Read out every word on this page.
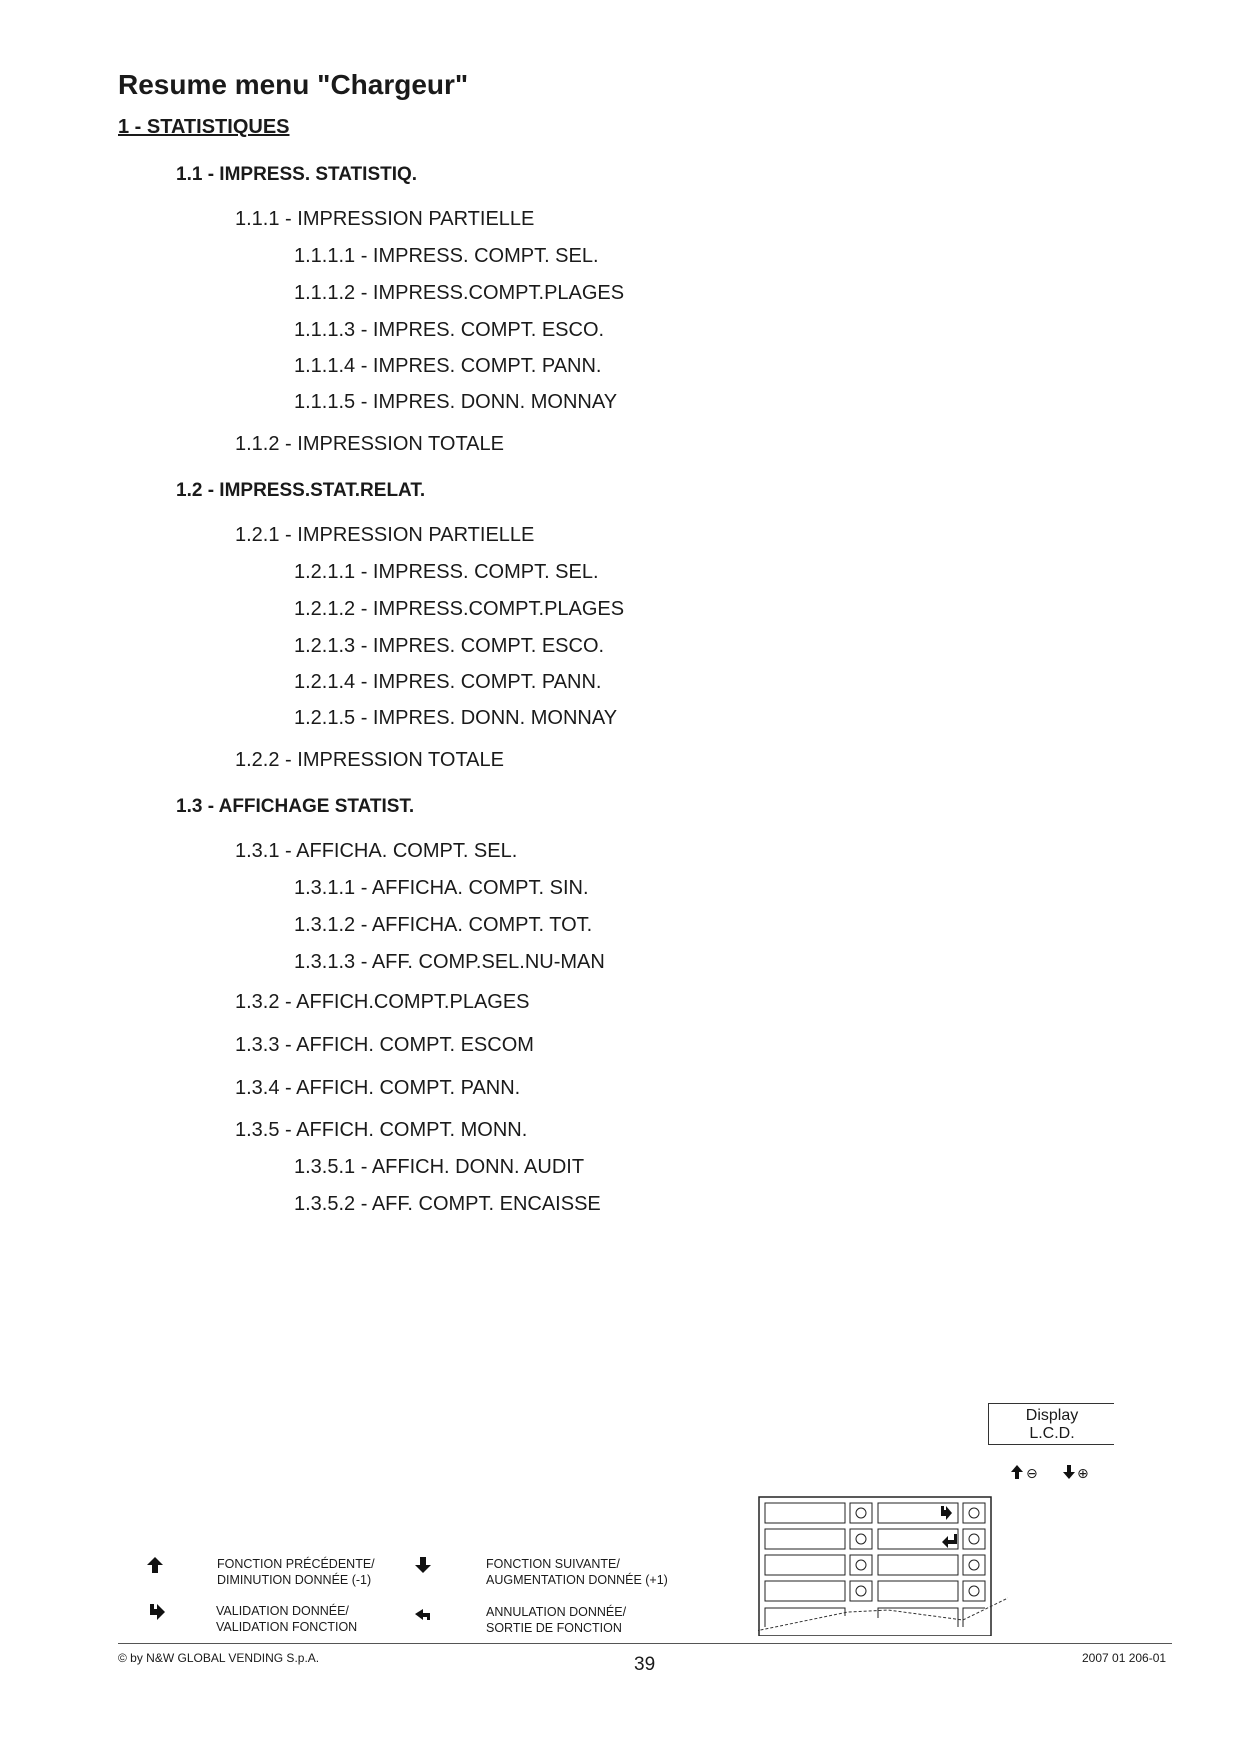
Resume menu "Chargeur"
1 - STATISTIQUES
1.1 - IMPRESS. STATISTIQ.
1.1.1 - IMPRESSION PARTIELLE
1.1.1.1 - IMPRESS. COMPT. SEL.
1.1.1.2 - IMPRESS.COMPT.PLAGES
1.1.1.3 - IMPRES. COMPT. ESCO.
1.1.1.4 - IMPRES. COMPT. PANN.
1.1.1.5 - IMPRES. DONN. MONNAY
1.1.2 - IMPRESSION TOTALE
1.2 - IMPRESS.STAT.RELAT.
1.2.1 - IMPRESSION PARTIELLE
1.2.1.1 - IMPRESS. COMPT. SEL.
1.2.1.2 - IMPRESS.COMPT.PLAGES
1.2.1.3 - IMPRES. COMPT. ESCO.
1.2.1.4 - IMPRES. COMPT. PANN.
1.2.1.5 - IMPRES. DONN. MONNAY
1.2.2 - IMPRESSION TOTALE
1.3 - AFFICHAGE STATIST.
1.3.1 - AFFICHA. COMPT. SEL.
1.3.1.1 - AFFICHA. COMPT. SIN.
1.3.1.2 - AFFICHA. COMPT. TOT.
1.3.1.3 - AFF. COMP.SEL.NU-MAN
1.3.2 - AFFICH.COMPT.PLAGES
1.3.3 - AFFICH. COMPT. ESCOM
1.3.4 - AFFICH. COMPT. PANN.
1.3.5 - AFFICH. COMPT. MONN.
1.3.5.1 - AFFICH. DONN. AUDIT
1.3.5.2 - AFF. COMPT. ENCAISSE
Display
L.C.D.
⊖	⊕
FONCTION PRÉCÉDENTE/
DIMINUTION DONNÉE (-1)
FONCTION SUIVANTE/
AUGMENTATION DONNÉE (+1)
VALIDATION DONNÉE/
VALIDATION FONCTION
ANNULATION DONNÉE/
SORTIE DE FONCTION
© by N&W GLOBAL VENDING S.p.A.	39	2007 01 206-01
